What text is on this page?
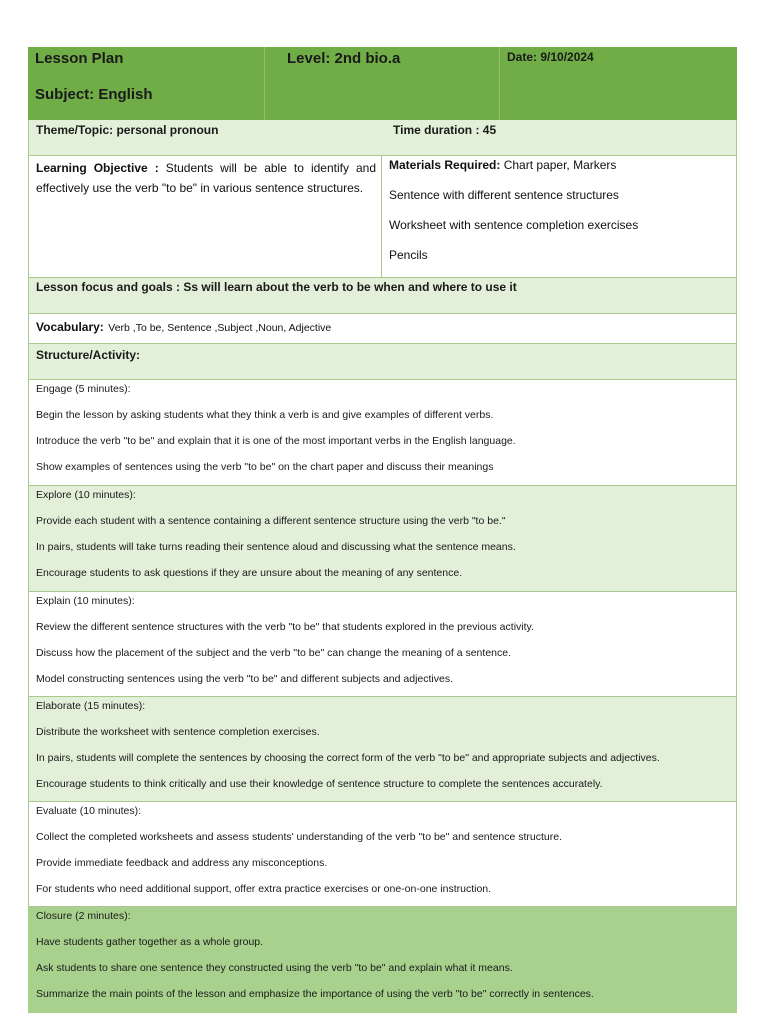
Lesson Plan
Subject: English
Level: 2nd bio.a	Date: 9/10/2024
Theme/Topic: personal pronoun	Time duration : 45
Learning Objective : Students will be able to identify and effectively use the verb "to be" in various sentence structures.
Materials Required: Chart paper, Markers
Sentence with different sentence structures
Worksheet with sentence completion exercises
Pencils
Lesson focus and goals : Ss will learn about the verb to be when and where to use it
Vocabulary: Verb ,To be, Sentence ,Subject ,Noun, Adjective
Structure/Activity:
Engage (5 minutes):
Begin the lesson by asking students what they think a verb is and give examples of different verbs.
Introduce the verb "to be" and explain that it is one of the most important verbs in the English language.
Show examples of sentences using the verb "to be" on the chart paper and discuss their meanings
Explore (10 minutes):
Provide each student with a sentence containing a different sentence structure using the verb "to be."
In pairs, students will take turns reading their sentence aloud and discussing what the sentence means.
Encourage students to ask questions if they are unsure about the meaning of any sentence.
Explain (10 minutes):
Review the different sentence structures with the verb "to be" that students explored in the previous activity.
Discuss how the placement of the subject and the verb "to be" can change the meaning of a sentence.
Model constructing sentences using the verb "to be" and different subjects and adjectives.
Elaborate (15 minutes):
Distribute the worksheet with sentence completion exercises.
In pairs, students will complete the sentences by choosing the correct form of the verb "to be" and appropriate subjects and adjectives.
Encourage students to think critically and use their knowledge of sentence structure to complete the sentences accurately.
Evaluate (10 minutes):
Collect the completed worksheets and assess students' understanding of the verb "to be" and sentence structure.
Provide immediate feedback and address any misconceptions.
For students who need additional support, offer extra practice exercises or one-on-one instruction.
Closure (2 minutes):
Have students gather together as a whole group.
Ask students to share one sentence they constructed using the verb "to be" and explain what it means.
Summarize the main points of the lesson and emphasize the importance of using the verb "to be" correctly in sentences.
